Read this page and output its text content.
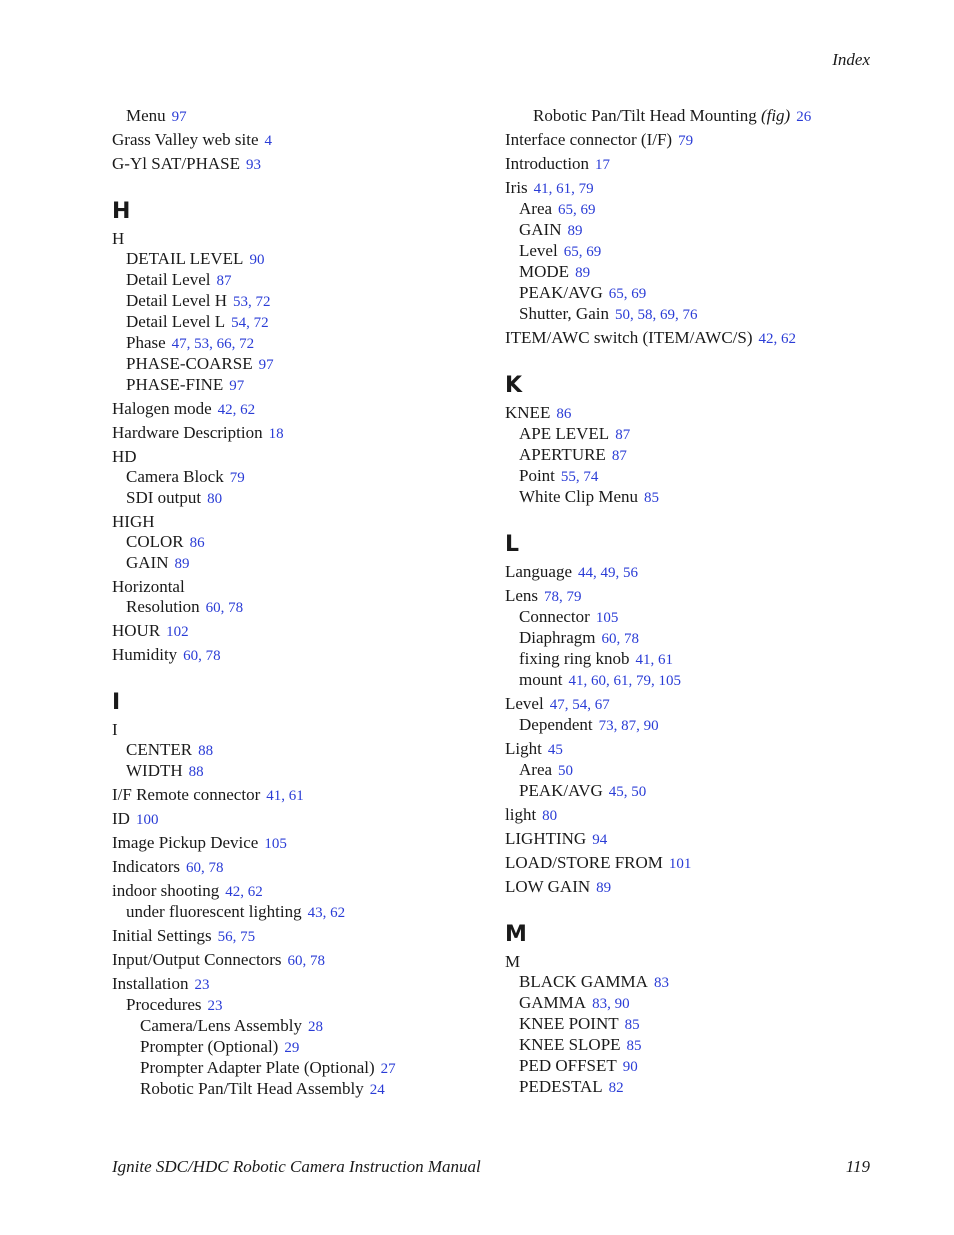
Index
Menu 97
Grass Valley web site 4
G-Yl SAT/PHASE 93
H
H
DETAIL LEVEL 90
Detail Level 87
Detail Level H 53, 72
Detail Level L 54, 72
Phase 47, 53, 66, 72
PHASE-COARSE 97
PHASE-FINE 97
Halogen mode 42, 62
Hardware Description 18
HD
Camera Block 79
SDI output 80
HIGH
COLOR 86
GAIN 89
Horizontal
Resolution 60, 78
HOUR 102
Humidity 60, 78
I
I
CENTER 88
WIDTH 88
I/F Remote connector 41, 61
ID 100
Image Pickup Device 105
Indicators 60, 78
indoor shooting 42, 62
under fluorescent lighting 43, 62
Initial Settings 56, 75
Input/Output Connectors 60, 78
Installation 23
Procedures 23
Camera/Lens Assembly 28
Prompter (Optional) 29
Prompter Adapter Plate (Optional) 27
Robotic Pan/Tilt Head Assembly 24
Robotic Pan/Tilt Head Mounting (fig) 26
Interface connector (I/F) 79
Introduction 17
Iris 41, 61, 79
Area 65, 69
GAIN 89
Level 65, 69
MODE 89
PEAK/AVG 65, 69
Shutter, Gain 50, 58, 69, 76
ITEM/AWC switch (ITEM/AWC/S) 42, 62
K
KNEE 86
APE LEVEL 87
APERTURE 87
Point 55, 74
White Clip Menu 85
L
Language 44, 49, 56
Lens 78, 79
Connector 105
Diaphragm 60, 78
fixing ring knob 41, 61
mount 41, 60, 61, 79, 105
Level 47, 54, 67
Dependent 73, 87, 90
Light 45
Area 50
PEAK/AVG 45, 50
light 80
LIGHTING 94
LOAD/STORE FROM 101
LOW GAIN 89
M
M
BLACK GAMMA 83
GAMMA 83, 90
KNEE POINT 85
KNEE SLOPE 85
PED OFFSET 90
PEDESTAL 82
Ignite SDC/HDC Robotic Camera Instruction Manual	119
